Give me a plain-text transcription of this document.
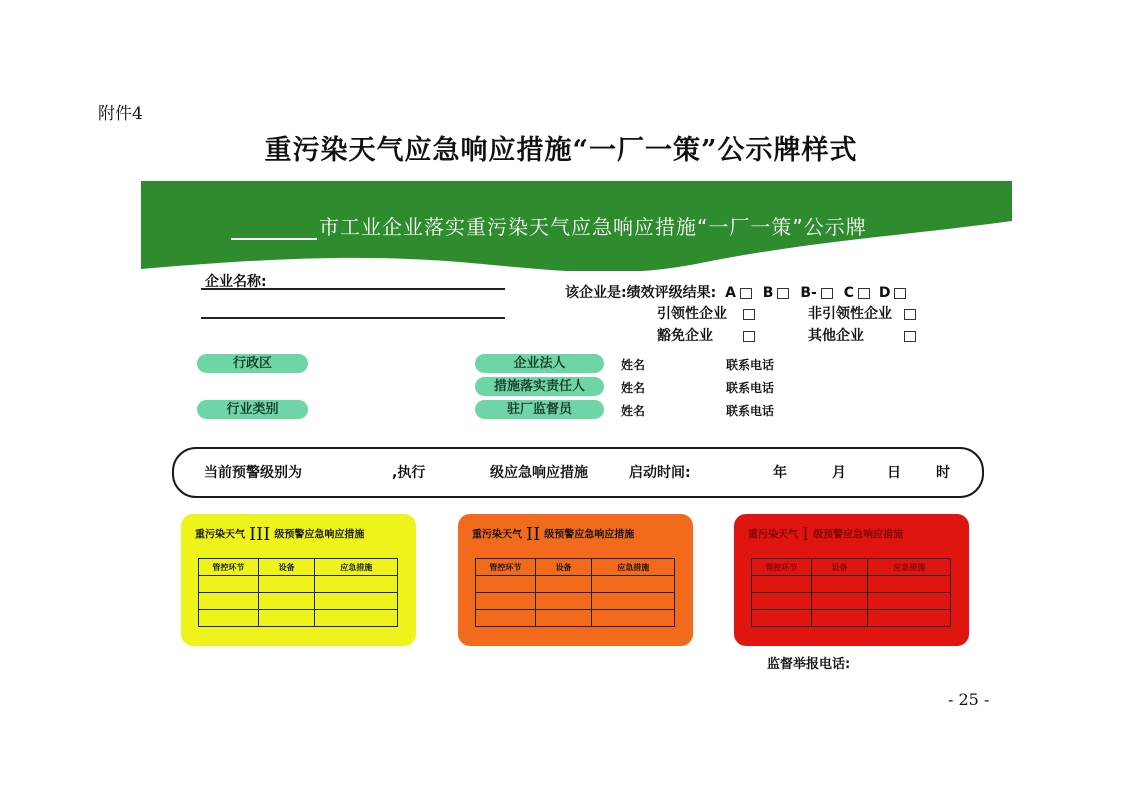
附件4
重污染天气应急响应措施“一厂一策”公示牌样式
市工业企业落实重污染天气应急响应措施“一厂一策”公示牌
企业名称:
该企业是:绩效评级结果: A B B- C D
引领性企业	非引领性企业
豁免企业	其他企业
行政区
行业类别
企业法人	姓名	联系电话
措施落实责任人	姓名	联系电话
驻厂监督员	姓名	联系电话
当前预警级别为	,执行	级应急响应措施	启动时间:	年	月	日	时
重污染天气 III 级预警应急响应措施
管控环节	设备	应急措施

重污染天气 II 级预警应急响应措施
管控环节	设备	应急措施

重污染天气 I 级预警应急响应措施
管控环节	设备	应急措施

监督举报电话:
- 25 -
